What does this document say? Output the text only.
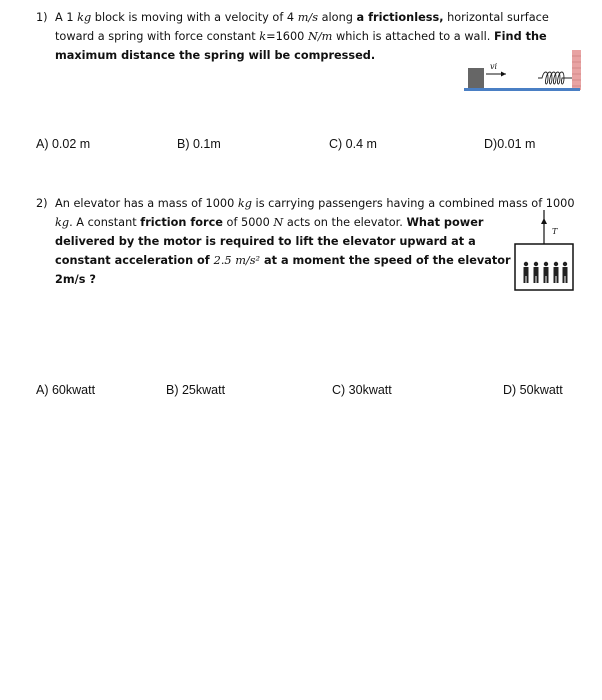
1) A 1 kg block is moving with a velocity of 4 m/s along a frictionless, horizontal surface
toward a spring with force constant k=1600 N/m which is attached to a wall. Find the
maximum distance the spring will be compressed.
vi
A) 0.02 m	B) 0.1m	C) 0.4 m	D)0.01 m
2) An elevator has a mass of 1000 kg is carrying passengers having a combined mass of 1000
kg. A constant friction force of 5000 N acts on the elevator. What power
delivered by the motor is required to lift the elevator upward at a
constant acceleration of 2.5 m/s² at a moment the speed of the elevator
2m/s ?
T
A) 60kwatt	B) 25kwatt	C) 30kwatt	D) 50kwatt
